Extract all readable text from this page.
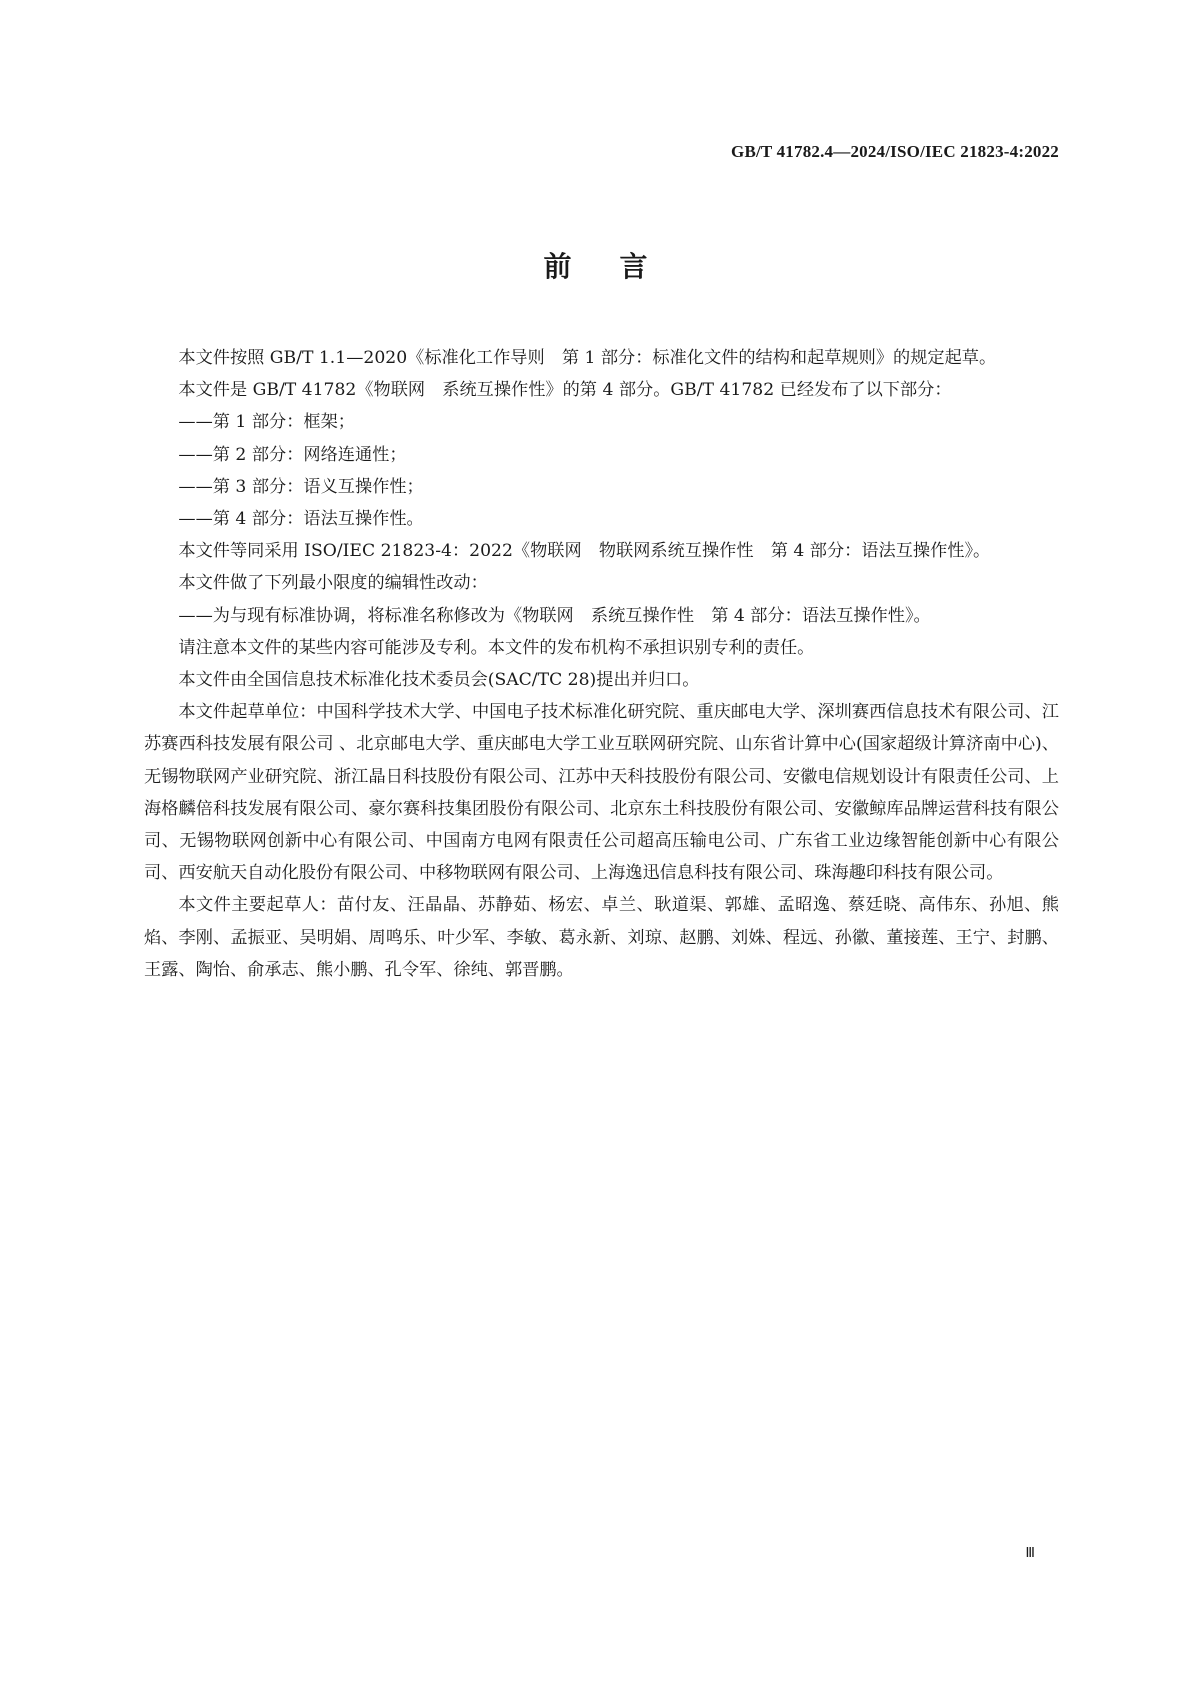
GB/T 41782.4—2024/ISO/IEC 21823-4:2022
前言

本文件按照 GB/T 1.1—2020《标准化工作导则　第 1 部分：标准化文件的结构和起草规则》的规定起草。

本文件是 GB/T 41782《物联网　系统互操作性》的第 4 部分。GB/T 41782 已经发布了以下部分：

——第 1 部分：框架；

——第 2 部分：网络连通性；

——第 3 部分：语义互操作性；

——第 4 部分：语法互操作性。

本文件等同采用 ISO/IEC 21823-4：2022《物联网　物联网系统互操作性　第 4 部分：语法互操作性》。

本文件做了下列最小限度的编辑性改动：

——为与现有标准协调，将标准名称修改为《物联网　系统互操作性　第 4 部分：语法互操作性》。

请注意本文件的某些内容可能涉及专利。本文件的发布机构不承担识别专利的责任。

本文件由全国信息技术标准化技术委员会(SAC/TC 28)提出并归口。

本文件起草单位：中国科学技术大学、中国电子技术标准化研究院、重庆邮电大学、深圳赛西信息技术有限公司、江苏赛西科技发展有限公司 、北京邮电大学、重庆邮电大学工业互联网研究院、山东省计算中心(国家超级计算济南中心)、无锡物联网产业研究院、浙江晶日科技股份有限公司、江苏中天科技股份有限公司、安徽电信规划设计有限责任公司、上海格麟倍科技发展有限公司、豪尔赛科技集团股份有限公司、北京东土科技股份有限公司、安徽鲸库品牌运营科技有限公司、无锡物联网创新中心有限公司、中国南方电网有限责任公司超高压输电公司、广东省工业边缘智能创新中心有限公司、西安航天自动化股份有限公司、中移物联网有限公司、上海逸迅信息科技有限公司、珠海趣印科技有限公司。

本文件主要起草人：苗付友、汪晶晶、苏静茹、杨宏、卓兰、耿道渠、郭雄、孟昭逸、蔡廷晓、高伟东、孙旭、熊焰、李刚、孟振亚、吴明娟、周鸣乐、叶少军、李敏、葛永新、刘琼、赵鹏、刘姝、程远、孙徽、董接莲、王宁、封鹏、王露、陶怡、俞承志、熊小鹏、孔令军、徐纯、郭晋鹏。

Ⅲ
